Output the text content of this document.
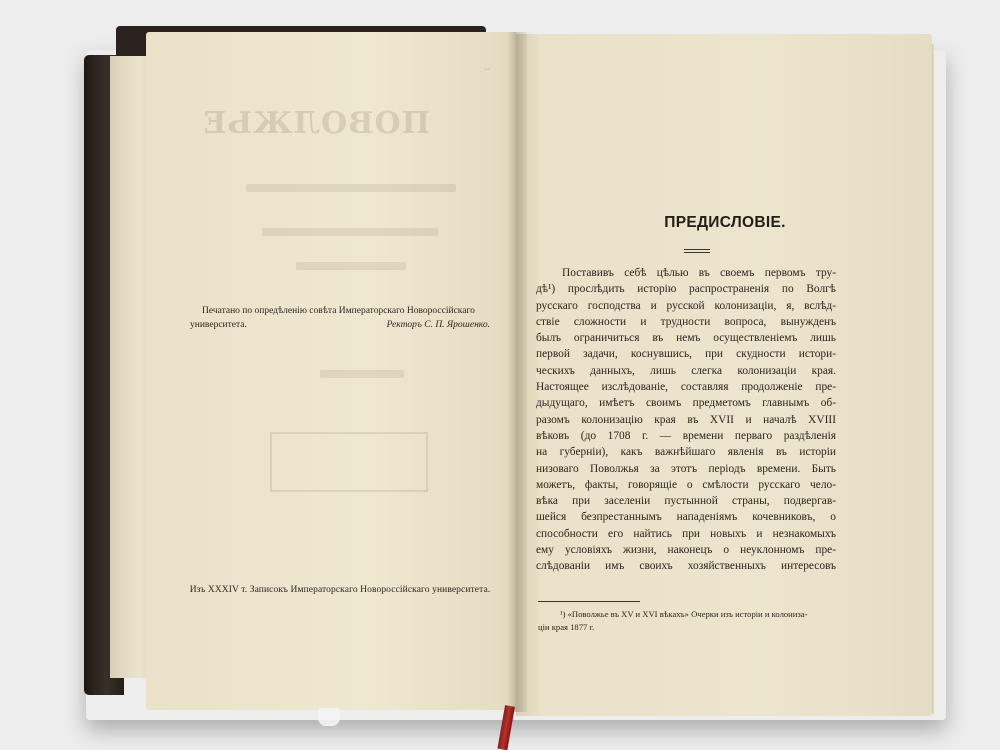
ПОВОЛЖЬЕ
~
Печатано по опредѣленію совѣта Императорскаго Новороссійскаго
университета.	Ректоръ С. П. Ярошенко.
Изъ XXXIV т. Записокъ Императорскаго Новороссійскаго университета.
ПРЕДИСЛОВІЕ.
Поставивъ себѣ цѣлью въ своемъ первомъ тру-
дѣ¹) прослѣдить исторію распространенія по Волгѣ
русскаго господства и русской колонизаціи, я, вслѣд-
ствіе сложности и трудности вопроса, вынужденъ
былъ ограничиться въ немъ осуществленіемъ лишь
первой задачи, коснувшись, при скудности истори-
ческихъ данныхъ, лишь слегка колонизаціи края.
Настоящее изслѣдованіе, составляя продолженіе пре-
дыдущаго, имѣетъ своимъ предметомъ главнымъ об-
разомъ колонизацію края въ XVII и началѣ XVIII
вѣковъ (до 1708 г. — времени перваго раздѣленія
на губерніи), какъ важнѣйшаго явленія въ исторіи
низоваго Поволжья за этотъ періодъ времени. Быть
можетъ, факты, говорящіе о смѣлости русскаго чело-
вѣка при заселеніи пустынной страны, подвергав-
шейся безпрестаннымъ нападеніямъ кочевниковъ, о
способности его найтись при новыхъ и незнакомыхъ
ему условіяхъ жизни, наконецъ о неуклонномъ пре-
слѣдованіи имъ своихъ хозяйственныхъ интересовъ
¹) «Поволжье въ XV и XVI вѣкахъ» Очерки изъ исторіи и колониза-
ціи края 1877 г.
